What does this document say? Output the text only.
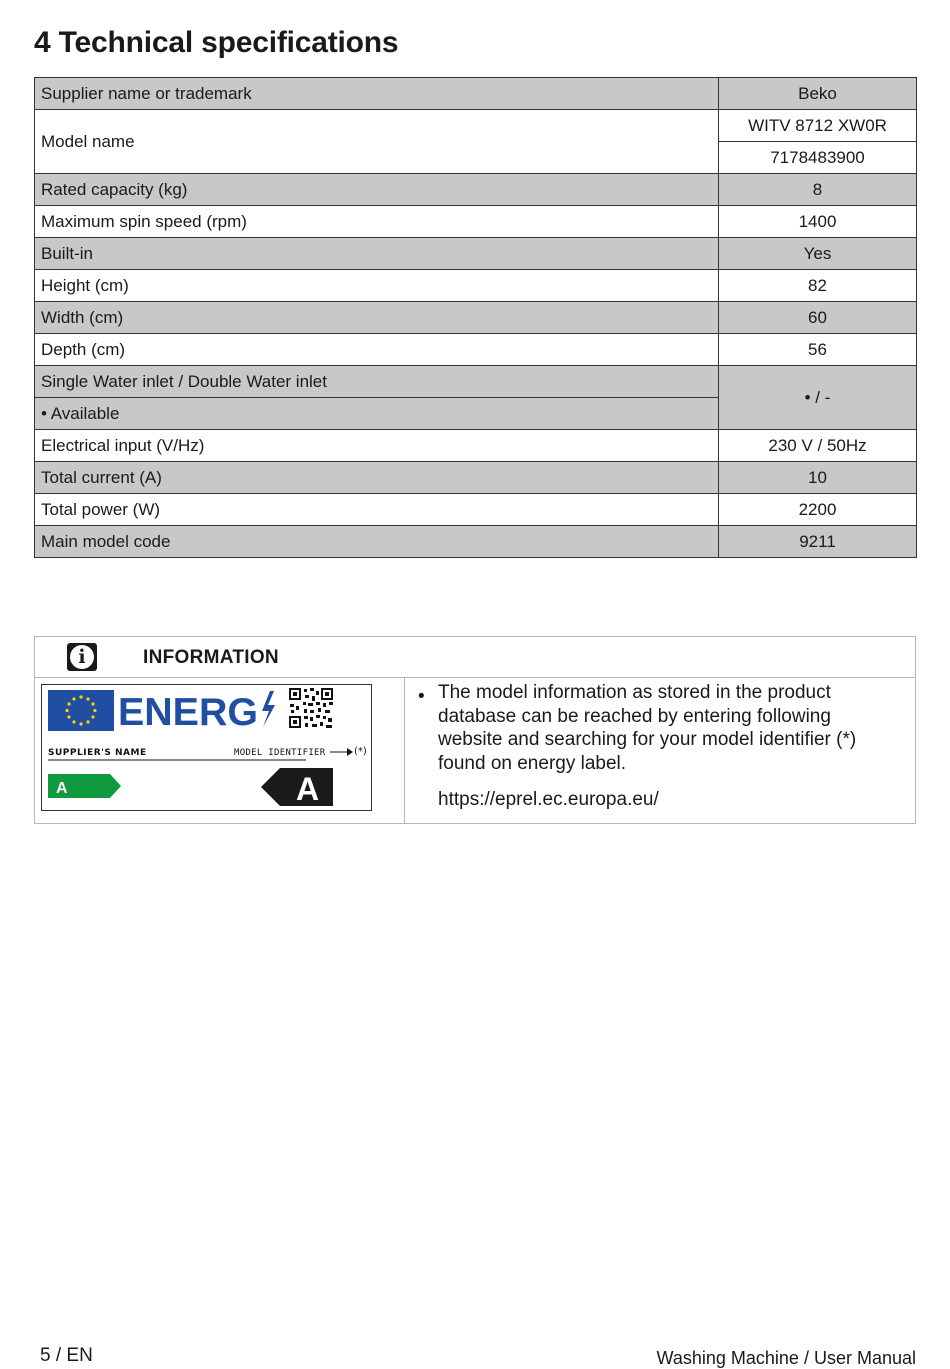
4 Technical specifications
Supplier name or trademark	Beko
Model name	WITV 8712 XW0R
	7178483900
Rated capacity (kg)	8
Maximum spin speed (rpm)	1400
Built-in	Yes
Height (cm)	82
Width (cm)	60
Depth (cm)	56
Single Water inlet / Double Water inlet	• / -
• Available	
Electrical input (V/Hz)	230 V / 50Hz
Total current (A)	10
Total power (W)	2200
Main model code	9211
i	INFORMATION
ENERG
SUPPLIER'S NAME	MODEL IDENTIFIER	(*)
A	A
• The model information as stored in the product database can be reached by entering following website and searching for your model identifier (*) found on energy label.
https://eprel.ec.europa.eu/
5 / EN	Washing Machine / User Manual
